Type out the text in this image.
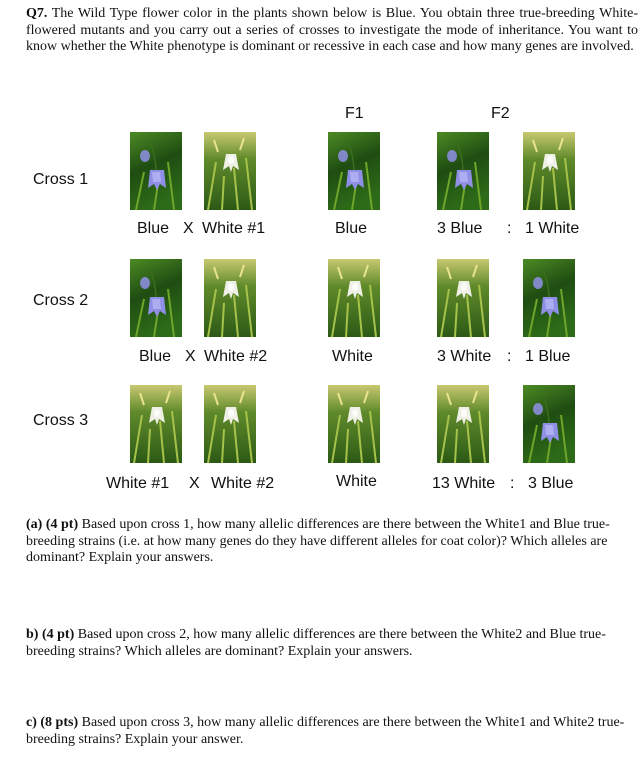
Q7. The Wild Type flower color in the plants shown below is Blue. You obtain three true-breeding White-flowered mutants and you carry out a series of crosses to investigate the mode of inheritance. You want to know whether the White phenotype is dominant or recessive in each case and how many genes are involved.
F1	F2
Cross 1
Blue X White #1	Blue	3 Blue : 1 White
Cross 2
Blue X White #2	White	3 White : 1 Blue
Cross 3
White #1 X White #2	White	13 White : 3 Blue
(a) (4 pt) Based upon cross 1, how many allelic differences are there between the White1 and Blue true-breeding strains (i.e. at how many genes do they have different alleles for coat color)? Which alleles are dominant? Explain your answers.
b) (4 pt) Based upon cross 2, how many allelic differences are there between the White2 and Blue true-breeding strains? Which alleles are dominant? Explain your answers.
c) (8 pts) Based upon cross 3, how many allelic differences are there between the White1 and White2 true-breeding strains? Explain your answer.
